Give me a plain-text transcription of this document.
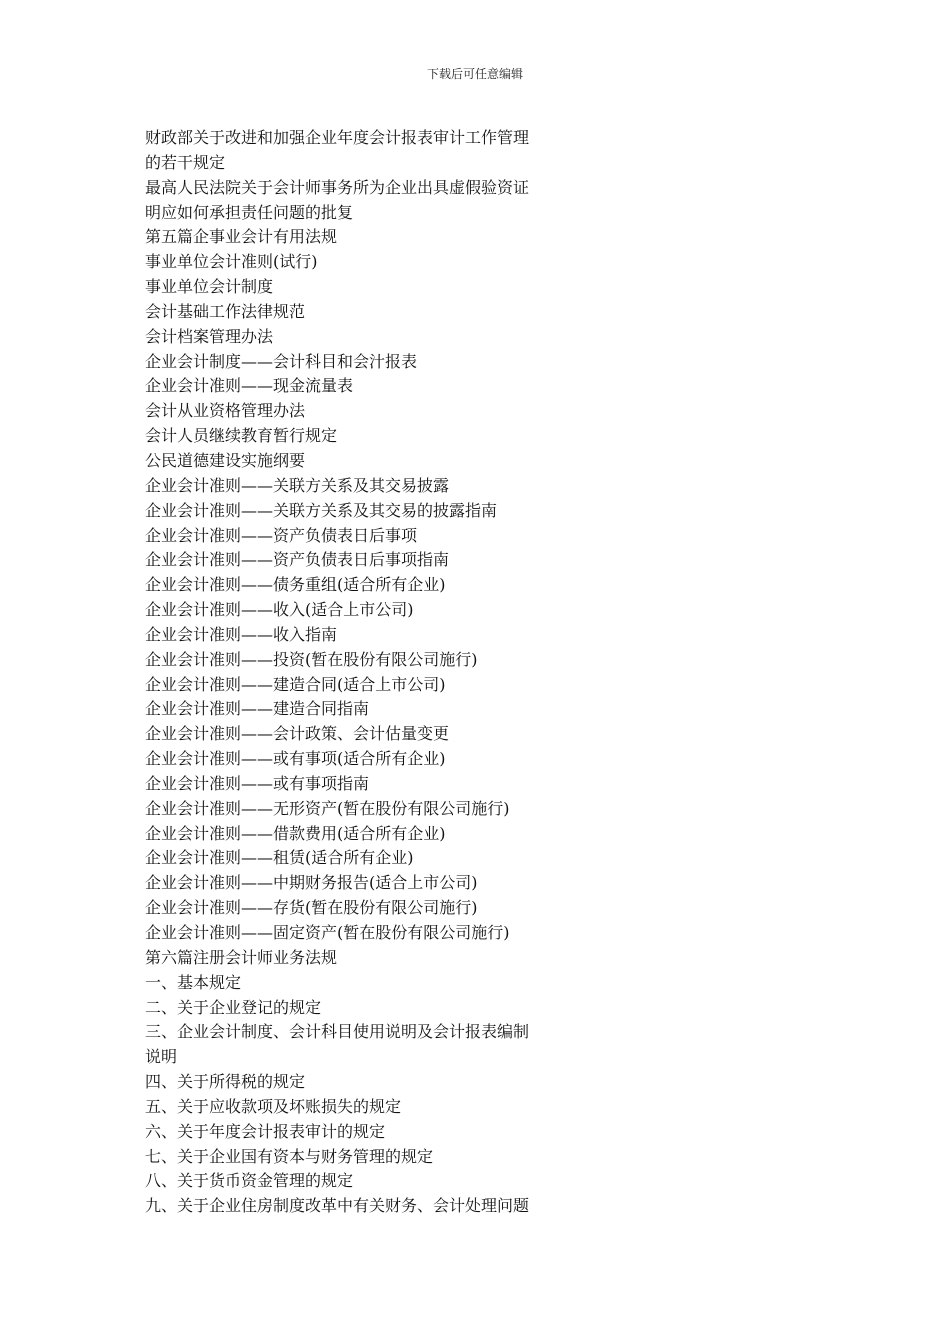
下载后可任意编辑
财政部关于改进和加强企业年度会计报表审计工作管理
的若干规定
最高人民法院关于会计师事务所为企业出具虚假验资证
明应如何承担责任问题的批复
第五篇企事业会计有用法规
事业单位会计准则(试行)
事业单位会计制度
会计基础工作法律规范
会计档案管理办法
企业会计制度——会计科目和会汁报表
企业会计准则——现金流量表
会计从业资格管理办法
会计人员继续教育暂行规定
公民道德建设实施纲要
企业会计准则——关联方关系及其交易披露
企业会计准则——关联方关系及其交易的披露指南
企业会计准则——资产负债表日后事项
企业会计准则——资产负债表日后事项指南
企业会计准则——债务重组(适合所有企业)
企业会计准则——收入(适合上市公司)
企业会计准则——收入指南
企业会计准则——投资(暂在股份有限公司施行)
企业会计准则——建造合同(适合上市公司)
企业会计准则——建造合同指南
企业会计准则——会计政策、会计估量变更
企业会计准则——或有事项(适合所有企业)
企业会计准则——或有事项指南
企业会计准则——无形资产(暂在股份有限公司施行)
企业会计准则——借款费用(适合所有企业)
企业会计准则——租赁(适合所有企业)
企业会计准则——中期财务报告(适合上市公司)
企业会计准则——存货(暂在股份有限公司施行)
企业会计准则——固定资产(暂在股份有限公司施行)
第六篇注册会计师业务法规
一、基本规定
二、关于企业登记的规定
三、企业会计制度、会计科目使用说明及会计报表编制
说明
四、关于所得税的规定
五、关于应收款项及坏账损失的规定
六、关于年度会计报表审计的规定
七、关于企业国有资本与财务管理的规定
八、关于货币资金管理的规定
九、关于企业住房制度改革中有关财务、会计处理问题
